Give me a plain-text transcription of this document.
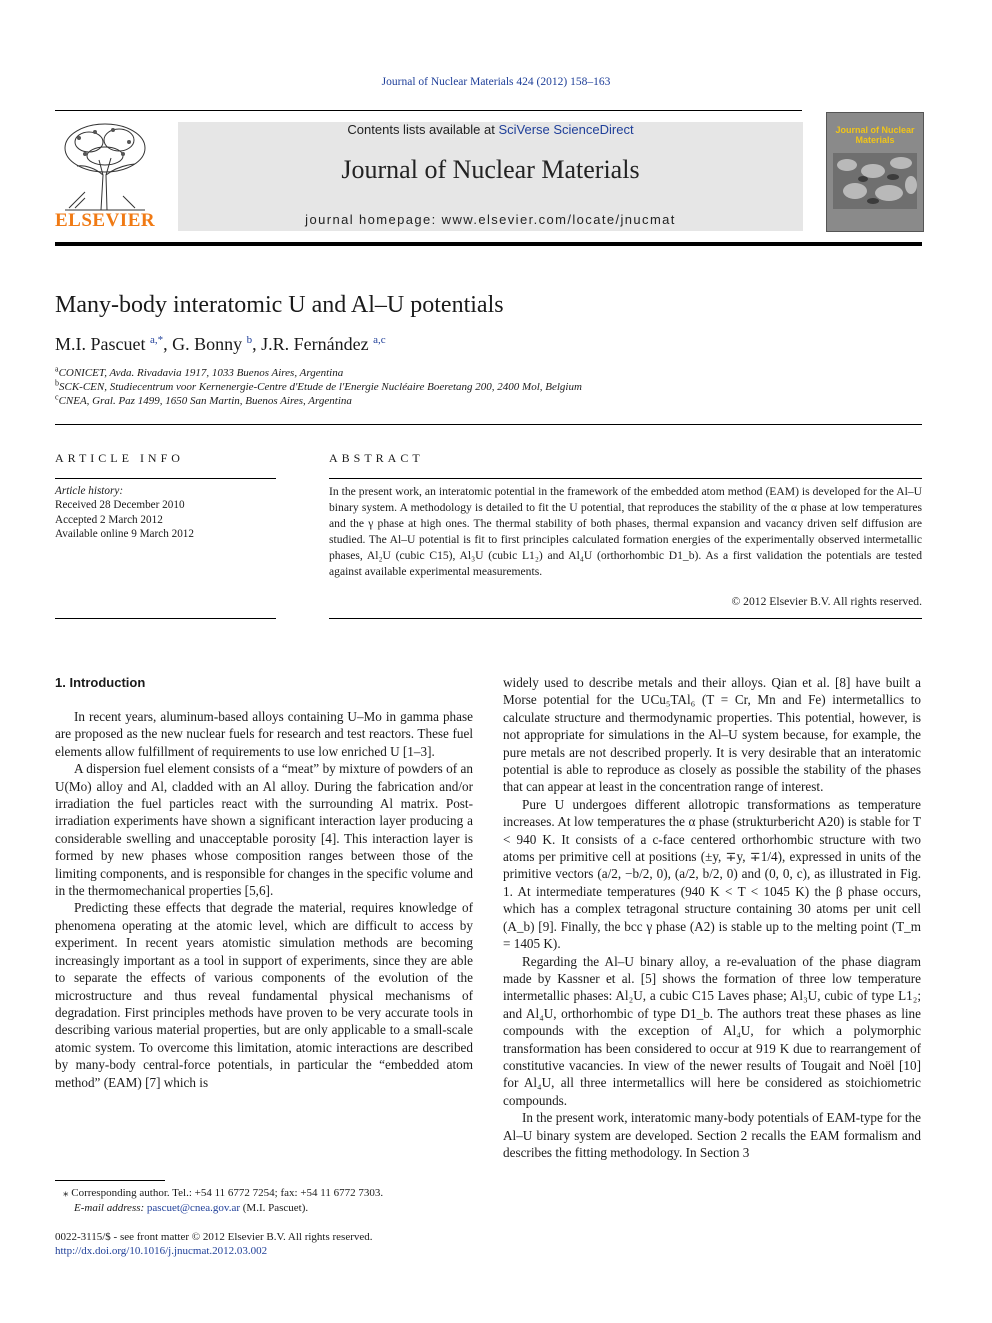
Journal of Nuclear Materials 424 (2012) 158–163
ELSEVIER
Contents lists available at SciVerse ScienceDirect
Journal of Nuclear Materials
journal homepage: www.elsevier.com/locate/jnucmat
Journal of Nuclear Materials
Many-body interatomic U and Al–U potentials
M.I. Pascuet $^{a,*}$, G. Bonny $^b$, J.R. Fernández $^{a,c}$
$^a$CONICET, Avda. Rivadavia 1917, 1033 Buenos Aires, Argentina
$^b$SCK-CEN, Studiecentrum voor Kernenergie-Centre d'Etude de l'Energie Nucléaire Boeretang 200, 2400 Mol, Belgium
$^c$CNEA, Gral. Paz 1499, 1650 San Martin, Buenos Aires, Argentina
ARTICLE INFO
Article history:
Received 28 December 2010
Accepted 2 March 2012
Available online 9 March 2012
ABSTRACT
In the present work, an interatomic potential in the framework of the embedded atom method (EAM) is developed for the Al–U binary system. A methodology is detailed to fit the U potential, that reproduces the stability of the α phase at low temperatures and the γ phase at high ones. The thermal stability of both phases, thermal expansion and vacancy driven self diffusion are studied. The Al–U potential is fit to first principles calculated formation energies of the experimentally observed intermetallic phases, Al₂U (cubic C15), Al₃U (cubic L1₂) and Al₄U (orthorhombic D1_b). As a first validation the potentials are tested against available experimental measurements.
© 2012 Elsevier B.V. All rights reserved.
1. Introduction

In recent years, aluminum-based alloys containing U–Mo in gamma phase are proposed as the new nuclear fuels for research and test reactors. These fuel elements allow fulfillment of requirements to use low enriched U [1–3].

A dispersion fuel element consists of a “meat” by mixture of powders of an U(Mo) alloy and Al, cladded with an Al alloy. During the fabrication and/or irradiation the fuel particles react with the surrounding Al matrix. Post-irradiation experiments have shown a significant interaction layer producing a considerable swelling and unacceptable porosity [4]. This interaction layer is formed by new phases whose composition ranges between those of the limiting components, and is responsible for changes in the specific volume and in the thermomechanical properties [5,6].

Predicting these effects that degrade the material, requires knowledge of phenomena operating at the atomic level, which are difficult to access by experiment. In recent years atomistic simulation methods are becoming increasingly important as a tool in support of experiments, since they are able to separate the effects of various components of the evolution of the microstructure and thus reveal fundamental physical mechanisms of degradation. First principles methods have proven to be very accurate tools in describing various material properties, but are only applicable to a small-scale atomic system. To overcome this limitation, atomic interactions are described by many-body central-force potentials, in particular the “embedded atom method” (EAM) [7] which is

widely used to describe metals and their alloys. Qian et al. [8] have built a Morse potential for the UCu₅TAl₆ (T = Cr, Mn and Fe) intermetallics to calculate structure and thermodynamic properties. This potential, however, is not appropriate for simulations in the Al–U system because, for example, the pure metals are not described properly. It is very desirable that an interatomic potential is able to reproduce as closely as possible the stability of the phases that can appear at least in the concentration range of interest.

Pure U undergoes different allotropic transformations as temperature increases. At low temperatures the α phase (strukturbericht A20) is stable for T < 940 K. It consists of a c-face centered orthorhombic structure with two atoms per primitive cell at positions (±y, ∓y, ∓1/4), expressed in units of the primitive vectors (a/2, −b/2, 0), (a/2, b/2, 0) and (0, 0, c), as illustrated in Fig. 1. At intermediate temperatures (940 K < T < 1045 K) the β phase occurs, which has a complex tetragonal structure containing 30 atoms per unit cell (A_b) [9]. Finally, the bcc γ phase (A2) is stable up to the melting point (T_m = 1405 K).

Regarding the Al–U binary alloy, a re-evaluation of the phase diagram made by Kassner et al. [5] shows the formation of three low temperature intermetallic phases: Al₂U, a cubic C15 Laves phase; Al₃U, cubic of type L1₂; and Al₄U, orthorhombic of type D1_b. The authors treat these phases as line compounds with the exception of Al₄U, for which a polymorphic transformation has been considered to occur at 919 K due to rearrangement of constitutive vacancies. In view of the newer results of Tougait and Noël [10] for Al₄U, all three intermetallics will here be considered as stoichiometric compounds.

In the present work, interatomic many-body potentials of EAM-type for the Al–U binary system are developed. Section 2 recalls the EAM formalism and describes the fitting methodology. In Section 3

⁎ Corresponding author. Tel.: +54 11 6772 7254; fax: +54 11 6772 7303.
E-mail address: pascuet@cnea.gov.ar (M.I. Pascuet).
0022-3115/$ - see front matter © 2012 Elsevier B.V. All rights reserved.
http://dx.doi.org/10.1016/j.jnucmat.2012.03.002
